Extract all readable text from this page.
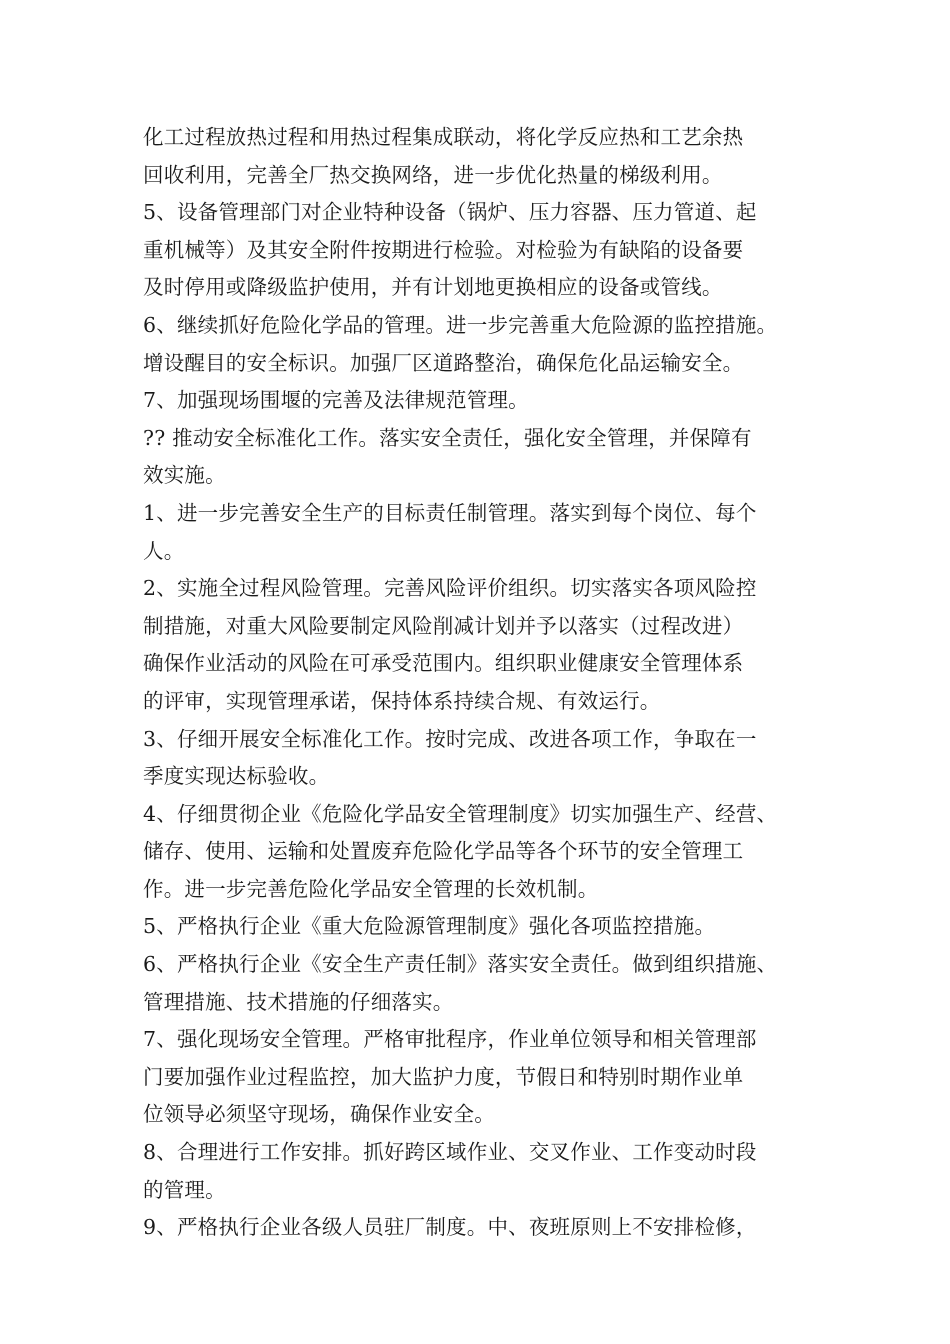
化工过程放热过程和用热过程集成联动，将化学反应热和工艺余热
回收利用，完善全厂热交换网络，进一步优化热量的梯级利用。
5、设备管理部门对企业特种设备（锅炉、压力容器、压力管道、起
重机械等）及其安全附件按期进行检验。对检验为有缺陷的设备要
及时停用或降级监护使用，并有计划地更换相应的设备或管线。
6、继续抓好危险化学品的管理。进一步完善重大危险源的监控措施。
增设醒目的安全标识。加强厂区道路整治，确保危化品运输安全。
7、加强现场围堰的完善及法律规范管理。
?? 推动安全标准化工作。落实安全责任，强化安全管理，并保障有
效实施。
1、进一步完善安全生产的目标责任制管理。落实到每个岗位、每个
人。
2、实施全过程风险管理。完善风险评价组织。切实落实各项风险控
制措施，对重大风险要制定风险削减计划并予以落实（过程改进）
确保作业活动的风险在可承受范围内。组织职业健康安全管理体系
的评审，实现管理承诺，保持体系持续合规、有效运行。
3、仔细开展安全标准化工作。按时完成、改进各项工作，争取在一
季度实现达标验收。
4、仔细贯彻企业《危险化学品安全管理制度》切实加强生产、经营、
储存、使用、运输和处置废弃危险化学品等各个环节的安全管理工
作。进一步完善危险化学品安全管理的长效机制。
5、严格执行企业《重大危险源管理制度》强化各项监控措施。
6、严格执行企业《安全生产责任制》落实安全责任。做到组织措施、
管理措施、技术措施的仔细落实。
7、强化现场安全管理。严格审批程序，作业单位领导和相关管理部
门要加强作业过程监控，加大监护力度，节假日和特别时期作业单
位领导必须坚守现场，确保作业安全。
8、合理进行工作安排。抓好跨区域作业、交叉作业、工作变动时段
的管理。
9、严格执行企业各级人员驻厂制度。中、夜班原则上不安排检修，
